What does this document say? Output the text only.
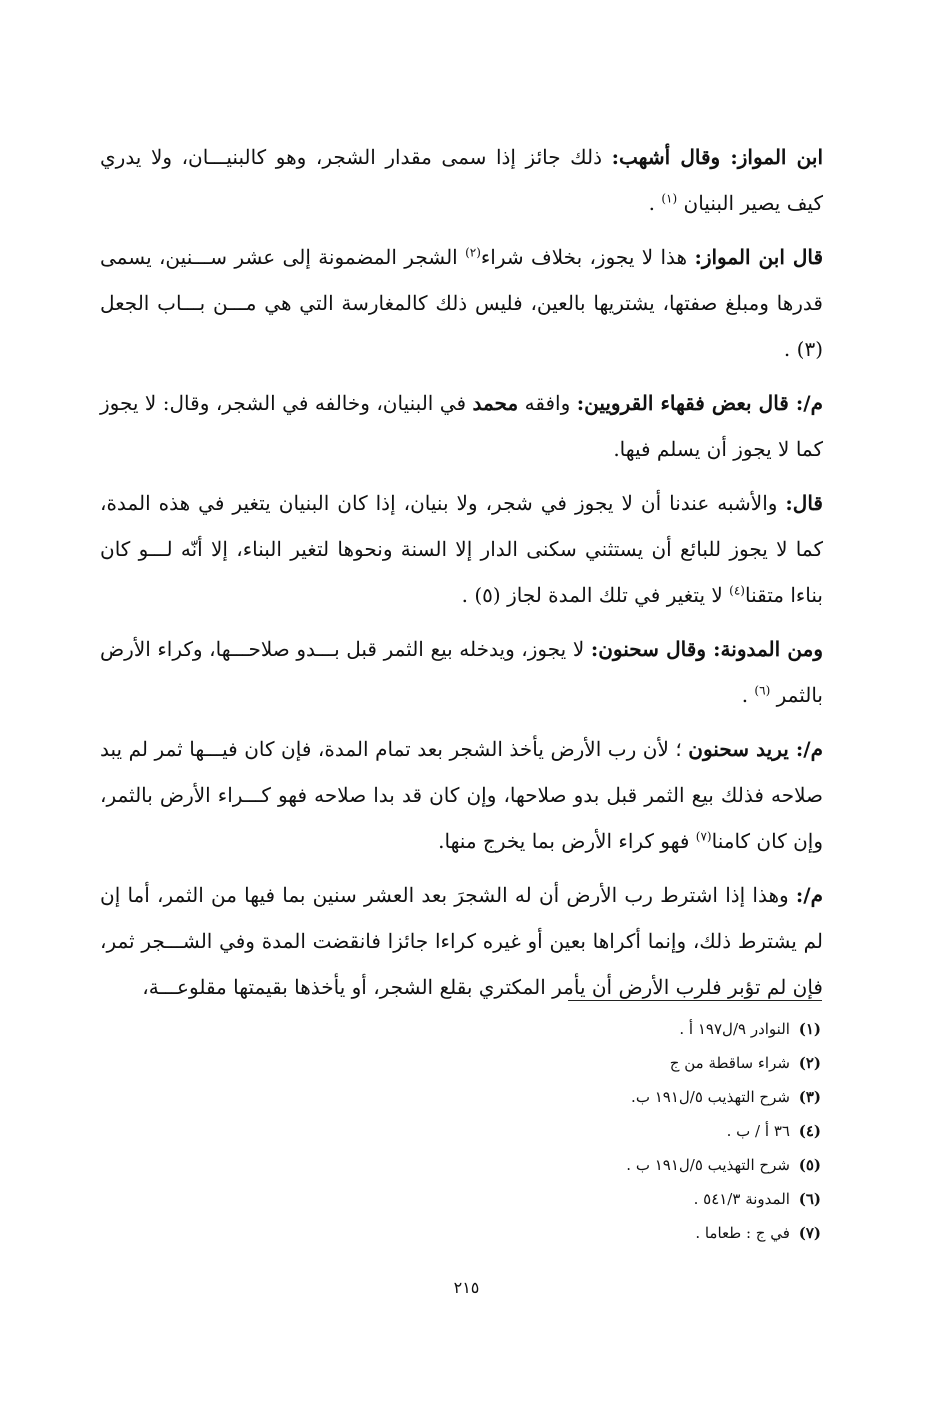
ابن المواز: وقال أشهب: ذلك جائز إذا سمى مقدار الشجر، وهو كالبنيـــان، ولا يدري كيف يصير البنيان $^{(١)}$ .

قال ابن المواز: هذا لا يجوز، بخلاف شراء$^{(٢)}$ الشجر المضمونة إلى عشر ســـنين، يسمى قدرها ومبلغ صفتها، يشتريها بالعين، فليس ذلك كالمغارسة التي هي مـــن بـــاب الجعل (٣) .

م/: قال بعض فقهاء القرويين: وافقه محمد في البنيان، وخالفه في الشجر، وقال: لا يجوز كما لا يجوز أن يسلم فيها.

قال: والأشبه عندنا أن لا يجوز في شجر، ولا بنيان، إذا كان البنيان يتغير في هذه المدة، كما لا يجوز للبائع أن يستثني سكنى الدار إلا السنة ونحوها لتغير البناء، إلا أنّه لـــو كان بناءا متقنا$^{(٤)}$ لا يتغير في تلك المدة لجاز (٥) .

ومن المدونة: وقال سحنون: لا يجوز، ويدخله بيع الثمر قبل بـــدو صلاحـــها، وكراء الأرض بالثمر $^{(٦)}$ .

م/: يريد سحنون ؛ لأن رب الأرض يأخذ الشجر بعد تمام المدة، فإن كان فيـــها ثمر لم يبد صلاحه فذلك بيع الثمر قبل بدو صلاحها، وإن كان قد بدا صلاحه فهو كـــراء الأرض بالثمر، وإن كان كامنا$^{(٧)}$ فهو كراء الأرض بما يخرج منها.

م/: وهذا إذا اشترط رب الأرض أن له الشجرَ بعد العشر سنين بما فيها من الثمر، أما إن لم يشترط ذلك، وإنما أكراها بعين أو غيره كراءا جائزا فانقضت المدة وفي الشـــجر ثمر، فإن لم تؤبر فلرب الأرض أن يأمر المكتري بقلع الشجر، أو يأخذها بقيمتها مقلوعـــة،

(١) النوادر ٩/ل١٩٧ أ .
(٢) شراء ساقطة من ج
(٣) شرح التهذيب ٥/ل١٩١ ب.
(٤) ٣٦ أ / ب .
(٥) شرح التهذيب ٥/ل١٩١ ب .
(٦) المدونة ٥٤١/٣ .
(٧) في ج : طعاما .
٢١٥
